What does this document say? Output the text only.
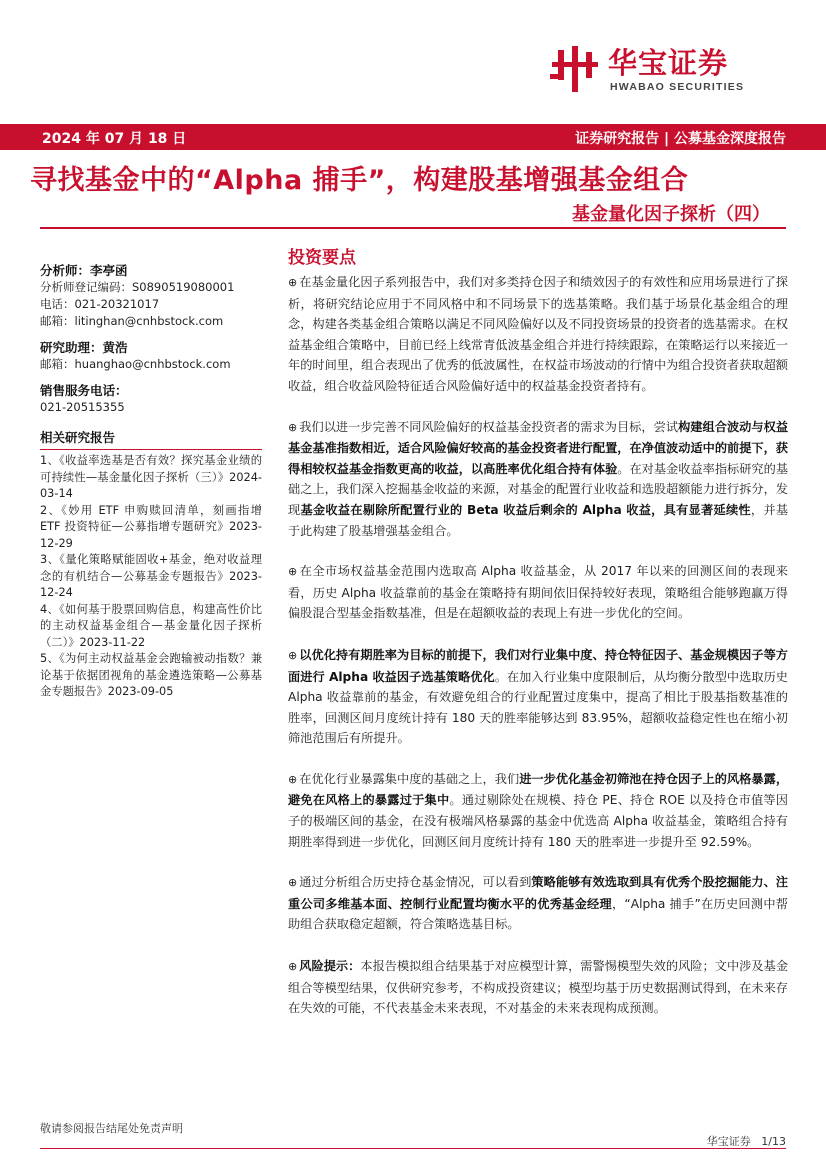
华宝证券
HWABAO SECURITIES
2024 年 07 月 18 日	证券研究报告 | 公募基金深度报告
寻找基金中的“Alpha 捕手”，构建股基增强基金组合
基金量化因子探析（四）
分析师：李亭函
分析师登记编码：S0890519080001
电话：021-20321017
邮箱：litinghan@cnhbstock.com
研究助理：黄浩
邮箱：huanghao@cnhbstock.com
销售服务电话：
021-20515355
相关研究报告
1、《收益率选基是否有效？探究基金业绩的可持续性—基金量化因子探析（三）》2024-03-14
2、《妙用 ETF 申购赎回清单，刻画指增 ETF 投资特征—公募指增专题研究》2023-12-29
3、《量化策略赋能固收+基金，绝对收益理念的有机结合—公募基金专题报告》2023-12-24
4、《如何基于股票回购信息，构建高性价比的主动权益基金组合—基金量化因子探析（二）》2023-11-22
5、《为何主动权益基金会跑输被动指数？兼论基于依据团视角的基金遴选策略—公募基金专题报告》2023-09-05
投资要点
⊕ 在基金量化因子系列报告中，我们对多类持仓因子和绩效因子的有效性和应用场景进行了探析，将研究结论应用于不同风格中和不同场景下的选基策略。我们基于场景化基金组合的理念，构建各类基金组合策略以满足不同风险偏好以及不同投资场景的投资者的选基需求。在权益基金组合策略中，目前已经上线常青低波基金组合并进行持续跟踪，在策略运行以来接近一年的时间里，组合表现出了优秀的低波属性，在权益市场波动的行情中为组合投资者获取超额收益，组合收益风险特征适合风险偏好适中的权益基金投资者持有。
⊕ 我们以进一步完善不同风险偏好的权益基金投资者的需求为目标，尝试构建组合波动与权益基金基准指数相近，适合风险偏好较高的基金投资者进行配置，在净值波动适中的前提下，获得相较权益基金指数更高的收益，以高胜率优化组合持有体验。在对基金收益率指标研究的基础之上，我们深入挖掘基金收益的来源，对基金的配置行业收益和选股超额能力进行拆分，发现基金收益在剔除所配置行业的 Beta 收益后剩余的 Alpha 收益，具有显著延续性，并基于此构建了股基增强基金组合。
⊕ 在全市场权益基金范围内选取高 Alpha 收益基金，从 2017 年以来的回测区间的表现来看，历史 Alpha 收益靠前的基金在策略持有期间依旧保持较好表现，策略组合能够跑赢万得偏股混合型基金指数基准，但是在超额收益的表现上有进一步优化的空间。
⊕ 以优化持有期胜率为目标的前提下，我们对行业集中度、持仓特征因子、基金规模因子等方面进行 Alpha 收益因子选基策略优化。在加入行业集中度限制后，从均衡分散型中选取历史 Alpha 收益靠前的基金，有效避免组合的行业配置过度集中，提高了相比于股基指数基准的胜率，回测区间月度统计持有 180 天的胜率能够达到 83.95%，超额收益稳定性也在缩小初筛池范围后有所提升。
⊕ 在优化行业暴露集中度的基础之上，我们进一步优化基金初筛池在持仓因子上的风格暴露，避免在风格上的暴露过于集中。通过剔除处在规模、持仓 PE、持仓 ROE 以及持仓市值等因子的极端区间的基金，在没有极端风格暴露的基金中优选高 Alpha 收益基金，策略组合持有期胜率得到进一步优化，回测区间月度统计持有 180 天的胜率进一步提升至 92.59%。
⊕ 通过分析组合历史持仓基金情况，可以看到策略能够有效选取到具有优秀个股挖掘能力、注重公司多维基本面、控制行业配置均衡水平的优秀基金经理，“Alpha 捕手”在历史回测中帮助组合获取稳定超额，符合策略选基目标。
⊕ 风险提示：本报告模拟组合结果基于对应模型计算，需警惕模型失效的风险；文中涉及基金组合等模型结果，仅供研究参考，不构成投资建议；模型均基于历史数据测试得到，在未来存在失效的可能，不代表基金未来表现，不对基金的未来表现构成预测。
敬请参阅报告结尾处免责声明
华宝证券 1/13
